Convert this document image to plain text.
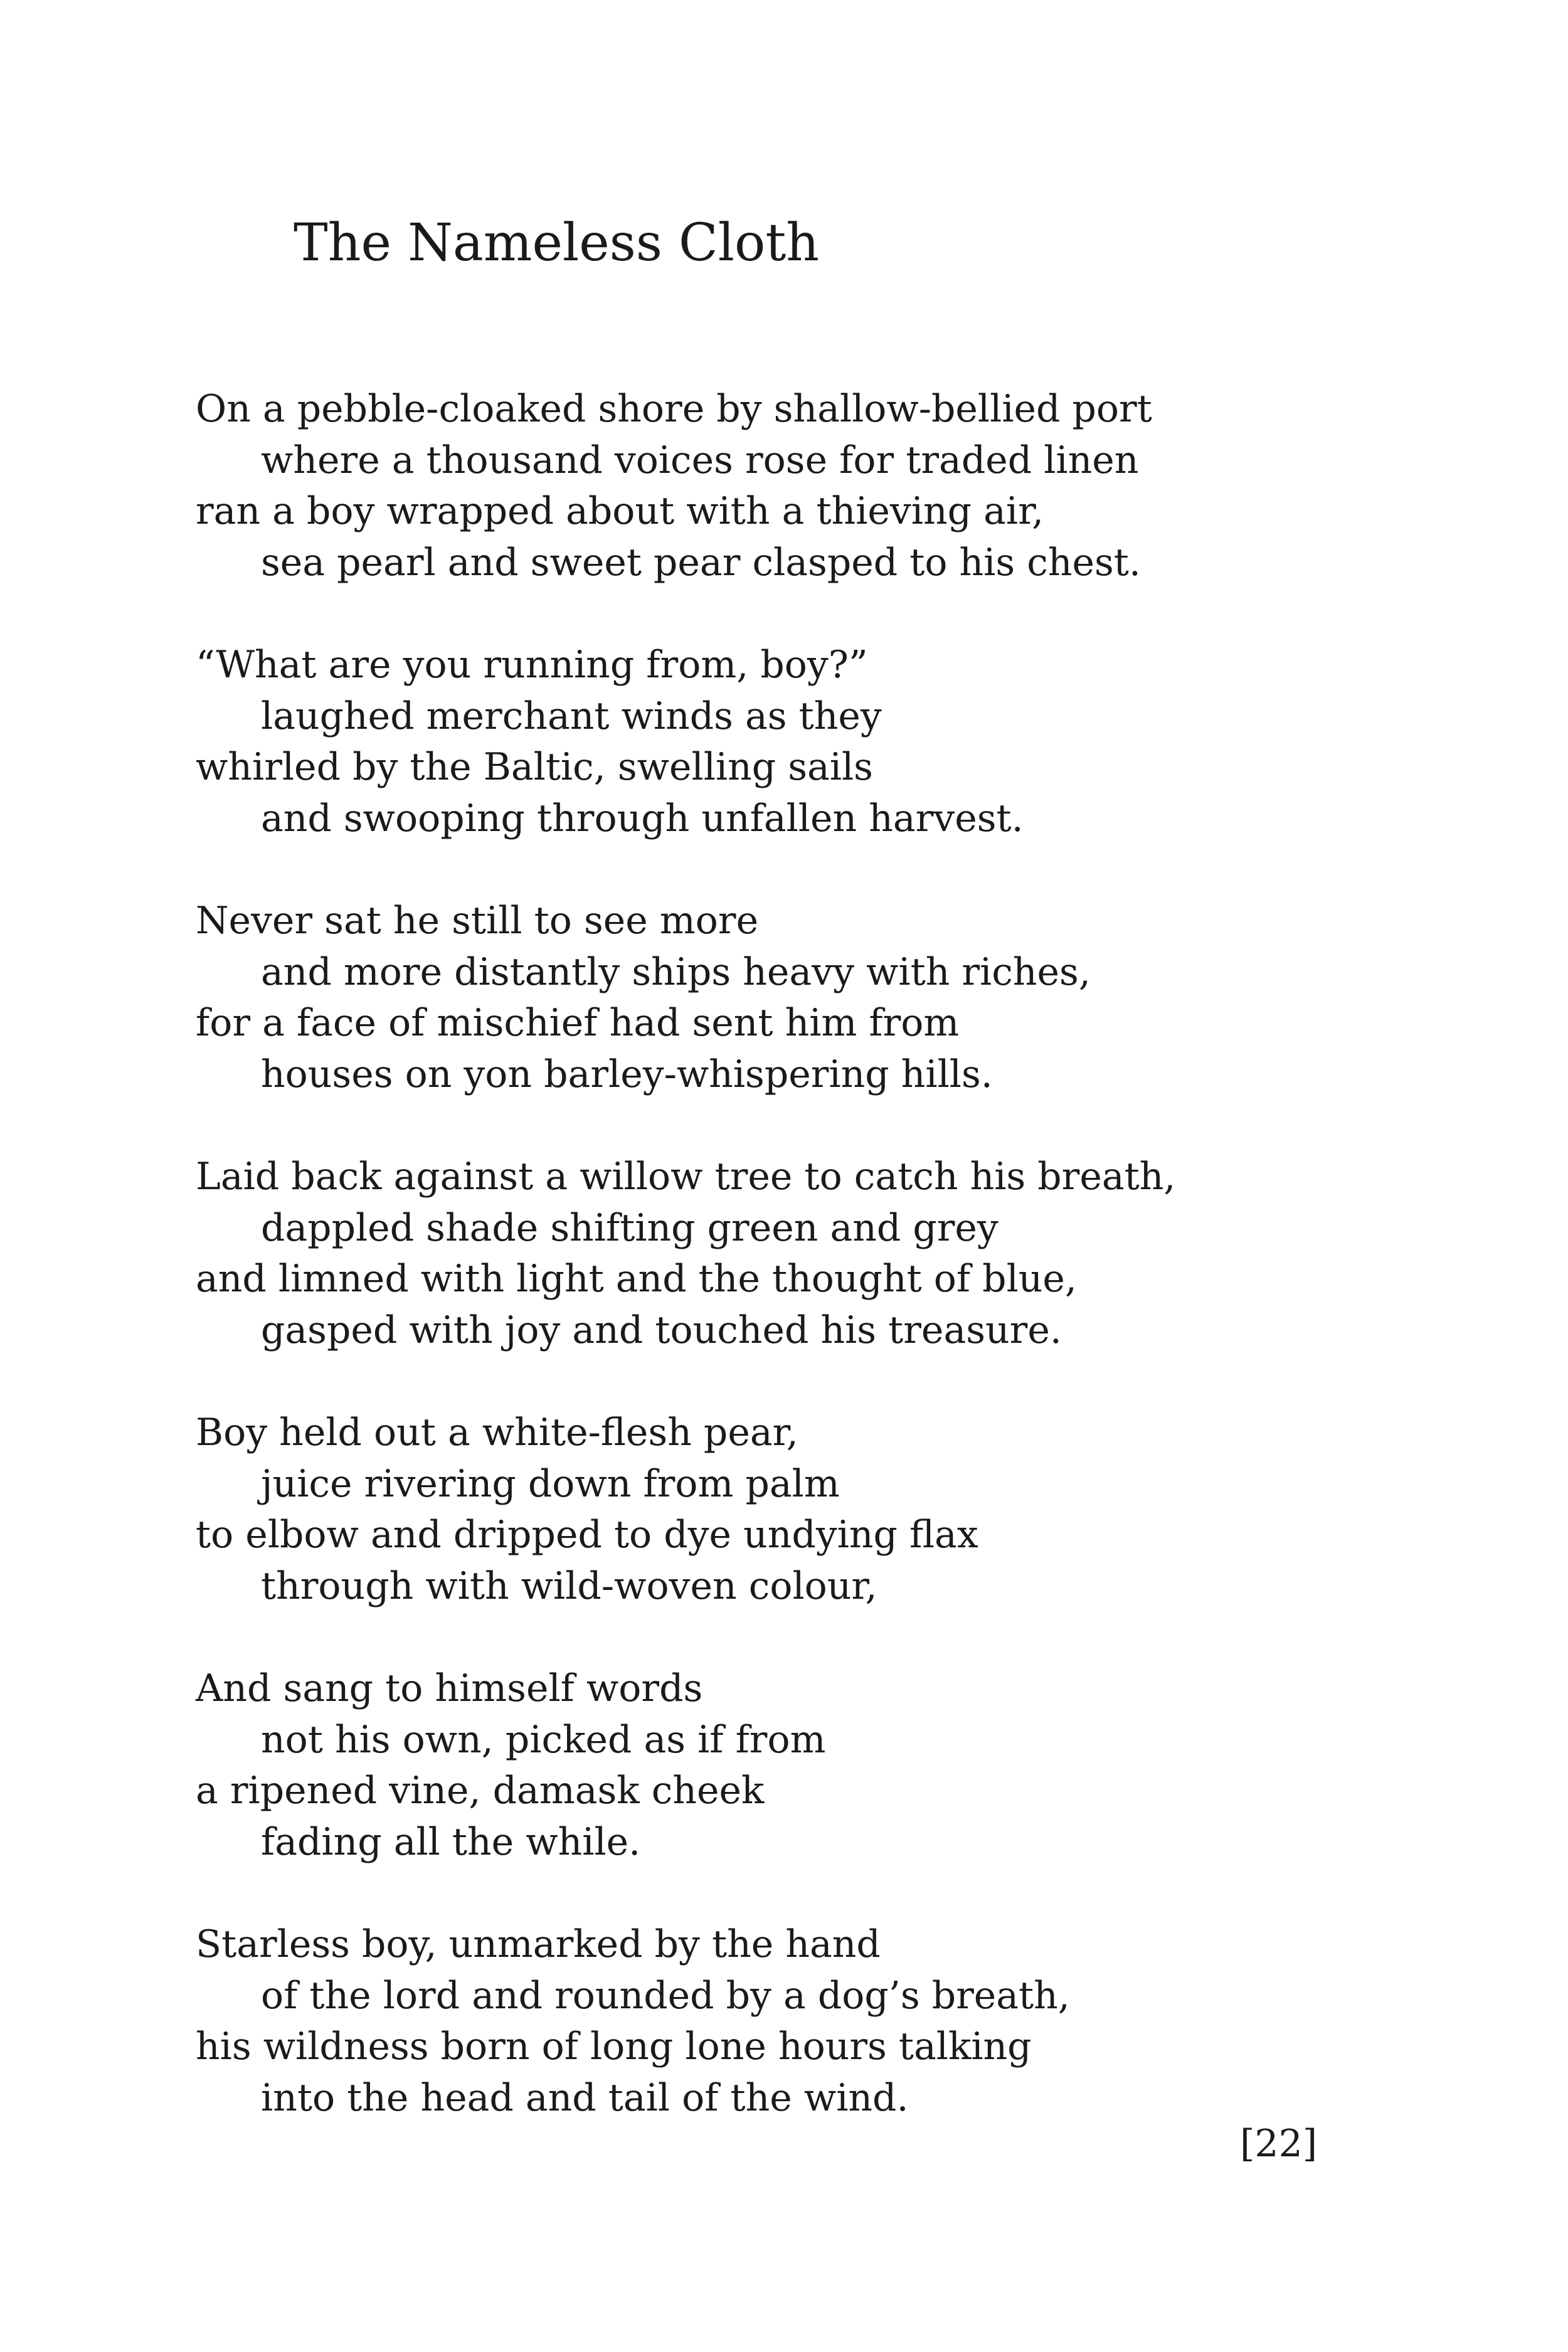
The Nameless Cloth
On a pebble-cloaked shore by shallow-bellied port
where a thousand voices rose for traded linen
ran a boy wrapped about with a thieving air,
sea pearl and sweet pear clasped to his chest.
“What are you running from, boy?”
laughed merchant winds as they
whirled by the Baltic, swelling sails
and swooping through unfallen harvest.
Never sat he still to see more
and more distantly ships heavy with riches,
for a face of mischief had sent him from
houses on yon barley-whispering hills.
Laid back against a willow tree to catch his breath,
dappled shade shifting green and grey
and limned with light and the thought of blue,
gasped with joy and touched his treasure.
Boy held out a white-flesh pear,
juice rivering down from palm
to elbow and dripped to dye undying flax
through with wild-woven colour,
And sang to himself words
not his own, picked as if from
a ripened vine, damask cheek
fading all the while.
Starless boy, unmarked by the hand
of the lord and rounded by a dog’s breath,
his wildness born of long lone hours talking
into the head and tail of the wind.
[22]
